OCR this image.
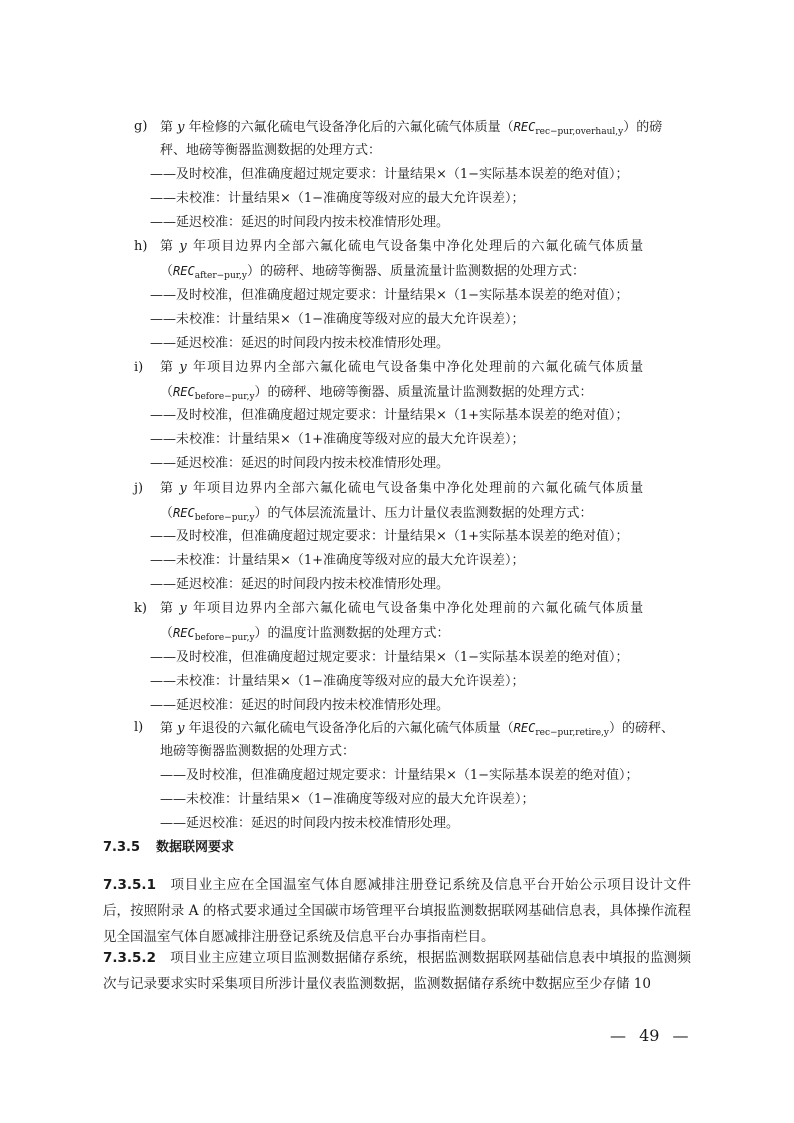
g) 第 y 年检修的六氟化硫电气设备净化后的六氟化硫气体质量$(REC_{rec-pur,overhaul,y})$的磅
秤、地磅等衡器监测数据的处理方式：
——及时校准，但准确度超过规定要求：计量结果×（1−实际基本误差的绝对值）；
——未校准：计量结果×（1−准确度等级对应的最大允许误差）；
——延迟校准：延迟的时间段内按未校准情形处理。
h) 第 y 年项目边界内全部六氟化硫电气设备集中净化处理后的六氟化硫气体质量
$(REC_{after-pur,y})$的磅秤、地磅等衡器、质量流量计监测数据的处理方式：
——及时校准，但准确度超过规定要求：计量结果×（1−实际基本误差的绝对值）；
——未校准：计量结果×（1−准确度等级对应的最大允许误差）；
——延迟校准：延迟的时间段内按未校准情形处理。
i) 第 y 年项目边界内全部六氟化硫电气设备集中净化处理前的六氟化硫气体质量
$(REC_{before-pur,y})$的磅秤、地磅等衡器、质量流量计监测数据的处理方式：
——及时校准，但准确度超过规定要求：计量结果×（1+实际基本误差的绝对值）；
——未校准：计量结果×（1+准确度等级对应的最大允许误差）；
——延迟校准：延迟的时间段内按未校准情形处理。
j) 第 y 年项目边界内全部六氟化硫电气设备集中净化处理前的六氟化硫气体质量
$(REC_{before-pur,y})$的气体层流流量计、压力计量仪表监测数据的处理方式：
——及时校准，但准确度超过规定要求：计量结果×（1+实际基本误差的绝对值）；
——未校准：计量结果×（1+准确度等级对应的最大允许误差）；
——延迟校准：延迟的时间段内按未校准情形处理。
k) 第 y 年项目边界内全部六氟化硫电气设备集中净化处理前的六氟化硫气体质量
$(REC_{before-pur,y})$的温度计监测数据的处理方式：
——及时校准，但准确度超过规定要求：计量结果×（1−实际基本误差的绝对值）；
——未校准：计量结果×（1−准确度等级对应的最大允许误差）；
——延迟校准：延迟的时间段内按未校准情形处理。
l) 第 y 年退役的六氟化硫电气设备净化后的六氟化硫气体质量$(REC_{rec-pur,retire,y})$的磅秤、
地磅等衡器监测数据的处理方式：
——及时校准，但准确度超过规定要求：计量结果×（1−实际基本误差的绝对值）；
——未校准：计量结果×（1−准确度等级对应的最大允许误差）；
——延迟校准：延迟的时间段内按未校准情形处理。
7.3.5 数据联网要求
7.3.5.1 项目业主应在全国温室气体自愿减排注册登记系统及信息平台开始公示项目设计文件后，按照附录 A 的格式要求通过全国碳市场管理平台填报监测数据联网基础信息表，具体操作流程见全国温室气体自愿减排注册登记系统及信息平台办事指南栏目。
7.3.5.2 项目业主应建立项目监测数据储存系统，根据监测数据联网基础信息表中填报的监测频次与记录要求实时采集项目所涉计量仪表监测数据，监测数据储存系统中数据应至少存储 10
— 49 —
